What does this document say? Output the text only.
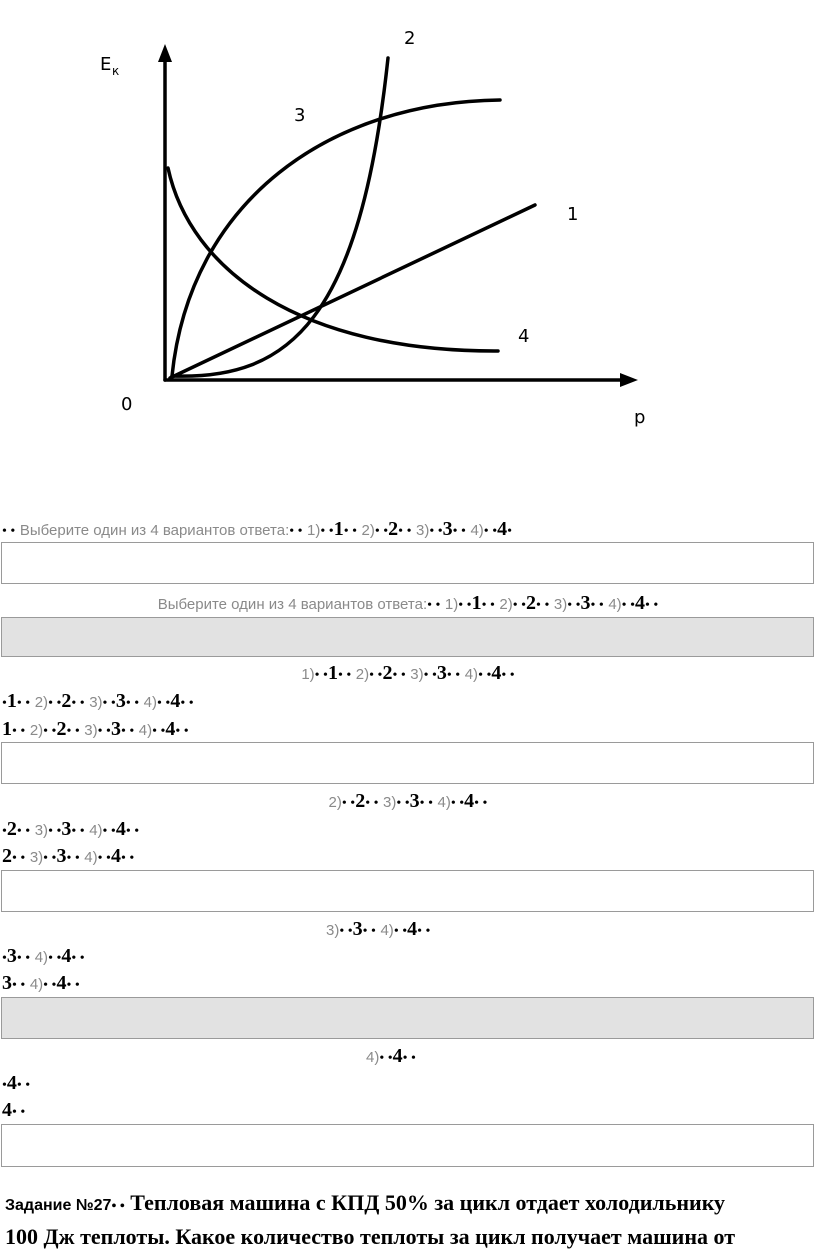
E к
0
p
2
3
1
4
• • Выберите один из 4 вариантов ответа:• • 1)• •1• • 2)• •2• • 3)• •3• • 4)• •4•
Выберите один из 4 вариантов ответа:• • 1)• •1• • 2)• •2• • 3)• •3• • 4)• •4• •
1)• •1• • 2)• •2• • 3)• •3• • 4)• •4• •
•1• • 2)• •2• • 3)• •3• • 4)• •4• •
1• • 2)• •2• • 3)• •3• • 4)• •4• •
2)• •2• • 3)• •3• • 4)• •4• •
•2• • 3)• •3• • 4)• •4• •
2• • 3)• •3• • 4)• •4• •
3)• •3• • 4)• •4• •
•3• • 4)• •4• •
3• • 4)• •4• •
4)• •4• •
•4• •
4• •
Задание №27• • Тепловая машина с КПД 50% за цикл отдает холодильнику
100 Дж теплоты. Какое количество теплоты за цикл получает машина от
